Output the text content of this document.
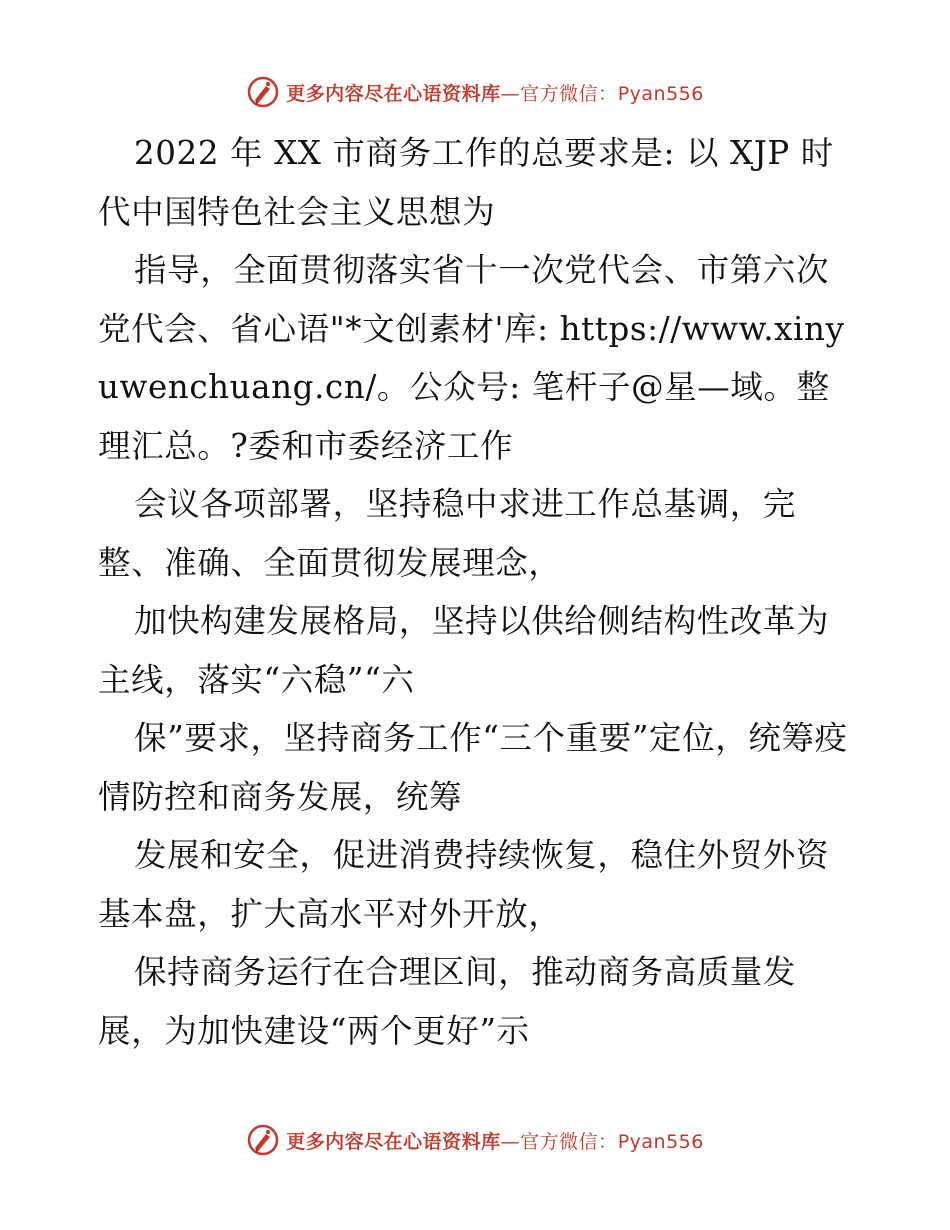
更多内容尽在心语资料库—官方微信：Pyan556

2022 年 XX 市商务工作的总要求是: 以 XJP 时代中国特色社会主义思想为

指导，全面贯彻落实省十一次党代会、市第六次党代会、省心语"*文创素材'库: https://www.xinyuwenchuang.cn/。公众号: 笔杆子@星—域。整理汇总。?委和市委经济工作

会议各项部署，坚持稳中求进工作总基调，完整、准确、全面贯彻发展理念，

加快构建发展格局，坚持以供给侧结构性改革为主线，落实“六稳”“六

保”要求，坚持商务工作“三个重要”定位，统筹疫情防控和商务发展，统筹

发展和安全，促进消费持续恢复，稳住外贸外资基本盘，扩大高水平对外开放，

保持商务运行在合理区间，推动商务高质量发展，为加快建设“两个更好”示

更多内容尽在心语资料库—官方微信：Pyan556
